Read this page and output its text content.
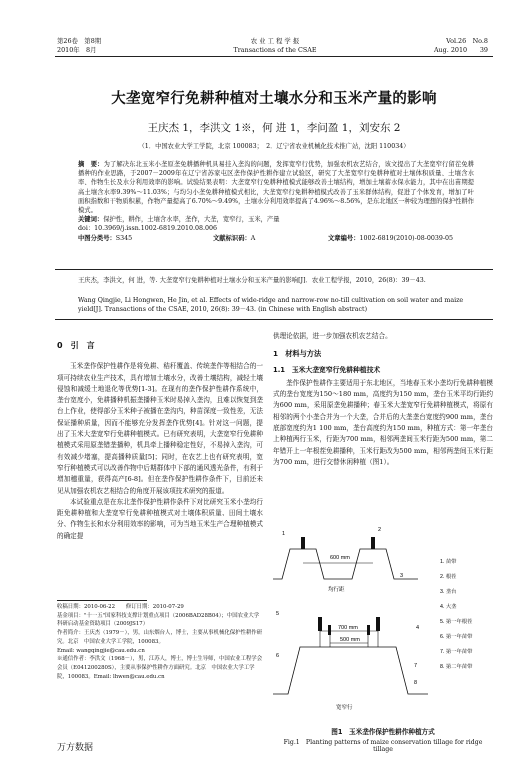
第26卷　第8期
2010年　8月
农 业 工 程 学 报
Transactions of the CSAE
Vol.26　No.8
Aug. 2010　　39
大垄宽窄行免耕种植对土壤水分和玉米产量的影响
王庆杰 1，李洪文 1※，何 进 1，李问盈 1，刘安东 2
（1．中国农业大学工学院，北京 100083；　2．辽宁省农业机械化技术推广站，沈阳 110034）
摘　要：为了解决东北玉米小垄原垄免耕播种机具易挂入垄沟的问题，发挥宽窄行优势，加强农机农艺结合，该文提出了大垄宽窄行留茬免耕播种的作业思路，于2007－2009年在辽宁省苏家屯区垄作保护性耕作建立试验区，研究了大垄宽窄行免耕种植对土壤体积质量、土壤含水率、作物生长及水分利用效率的影响。试验结果表明：大垄宽窄行免耕种植模式能够改善土壤结构，增加土壤蓄水保水能力，其中在出苗期提高土壤含水率9.39%～11.03%；与均匀小垄免耕种植模式相比，大垄宽窄行免耕种植模式改善了玉米群体结构，促进了个体发育，增加了叶面积指数和干物质积累，作物产量提高了6.70%～9.49%，土壤水分利用效率提高了4.96%～8.56%，是东北地区一种较为理想的保护性耕作模式。
关键词：保护性，耕作，土壤含水率，垄作，大垄，宽窄行，玉米，产量
doi：10.3969/j.issn.1002-6819.2010.08.006
中图分类号：S345	文献标识码：A	文章编号：1002-6819(2010)-08-0039-05
王庆杰，李洪文，何 进，等. 大垄宽窄行免耕种植对土壤水分和玉米产量的影响[J]．农业工程学报，2010，26(8)：39－43.
Wang Qingjie, Li Hongwen, He Jin, et al. Effects of wide-ridge and narrow-row no-till cultivation on soil water and maize yield[J]. Transactions of the CSAE, 2010, 26(8): 39－43. (in Chinese with English abstract)
0　引　言
玉米垄作保护性耕作是将免耕、秸秆覆盖、传统垄作等相结合的一项可持续农业生产技术，具有增加土壤水分，改善土壤结构，减轻土壤侵蚀和减缓土地退化等优势[1-3]。在现有的垄作保护性耕作系统中，垄台宽度小，免耕播种机振垄播种玉米时易掉入垄沟，且难以恢复到垄台上作业，使得部分玉米种子被播在垄沟内，种苗深度一致性差，无法保证播种质量，因而不能够充分发挥垄作优势[4]。针对这一问题，提出了玉米大垄宽窄行免耕种植模式。已有研究表明，大垄宽窄行免耕种植模式采用原垄错垄播种，机具牵上播种稳定性好，不易掉入垄沟，可有效减少堵塞，提高播种质量[5]；同时，在农艺上也有研究表明，宽窄行种植模式可以改善作物中后期群体中下部的通风透光条件，有利于增加穗重量，获得高产[6-8]。但在垄作保护性耕作条件下，目前还未见从加强农机农艺相结合的角度开展该项技术研究的报道。
本试验重点是在东北垄作保护性耕作条件下对比研究玉米小垄均行距免耕种植和大垄宽窄行免耕种植模式对土壤体积质量、田间土壤水分、作物生长和水分利用效率的影响，可为当地玉米生产合理种植模式的确定提
收稿日期：2010-06-22　　修订日期：2010-07-29
基金项目："十一五"国家科技支撑计划重点项目（2006BAD28B04）；中国农业大学科研启动基金资助项目（2009JS17）
作者简介：王庆杰（1979－），男，山东烟台人，博士，主要从事机械化保护性耕作研究。北京　中国农业大学工学院，100083。
Email: wangqingjie@cau.edu.cn
※通信作者：李洪文（1968－），男，江苏人，博士，博士生导师，中国农业工程学会会员（E041200280S），主要从事保护性耕作方面研究。北京　中国农业大学工学院，100083。Email: lhwen@cau.edu.cn
供理论依据，进一步加强农机农艺结合。
1　材料与方法
1.1　玉米大垄宽窄行免耕种植技术
垄作保护性耕作主要适用于东北地区，当地春玉米小垄均行免耕种植模式的垄台宽度为150～180 mm，高度约为150 mm，垄台玉米平均行距约为600 mm，采用原垄免耕播种；春玉米大垄宽窄行免耕种植模式，将原有相邻的两个小垄合并为一个大垄，合并后的大垄垄台宽度约900 mm，垄台底部宽度约为1 100 mm，垄台高度约为150 mm，种植方式：第一年垄台上种植两行玉米，行距为700 mm，相邻两垄间玉米行距为500 mm，第二年错开上一年根茬免耕播种，玉米行距改为500 mm，相邻两垄间玉米行距为700 mm，进行交替休闲种植（图1）。
600 mm
均行距
700 mm
500 mm
宽窄行
1
2
3
4
5
6
7
8
1. 苗带
2. 根茬
3. 垄台
4. 大垄
5. 第一年根茬
6. 第一年苗带
7. 第一年苗带
8. 第二年苗带
图1　玉米垄作保护性耕作种植方式
Fig.1　Planting patterns of maize conservation tillage for ridge tillage
万方数据
